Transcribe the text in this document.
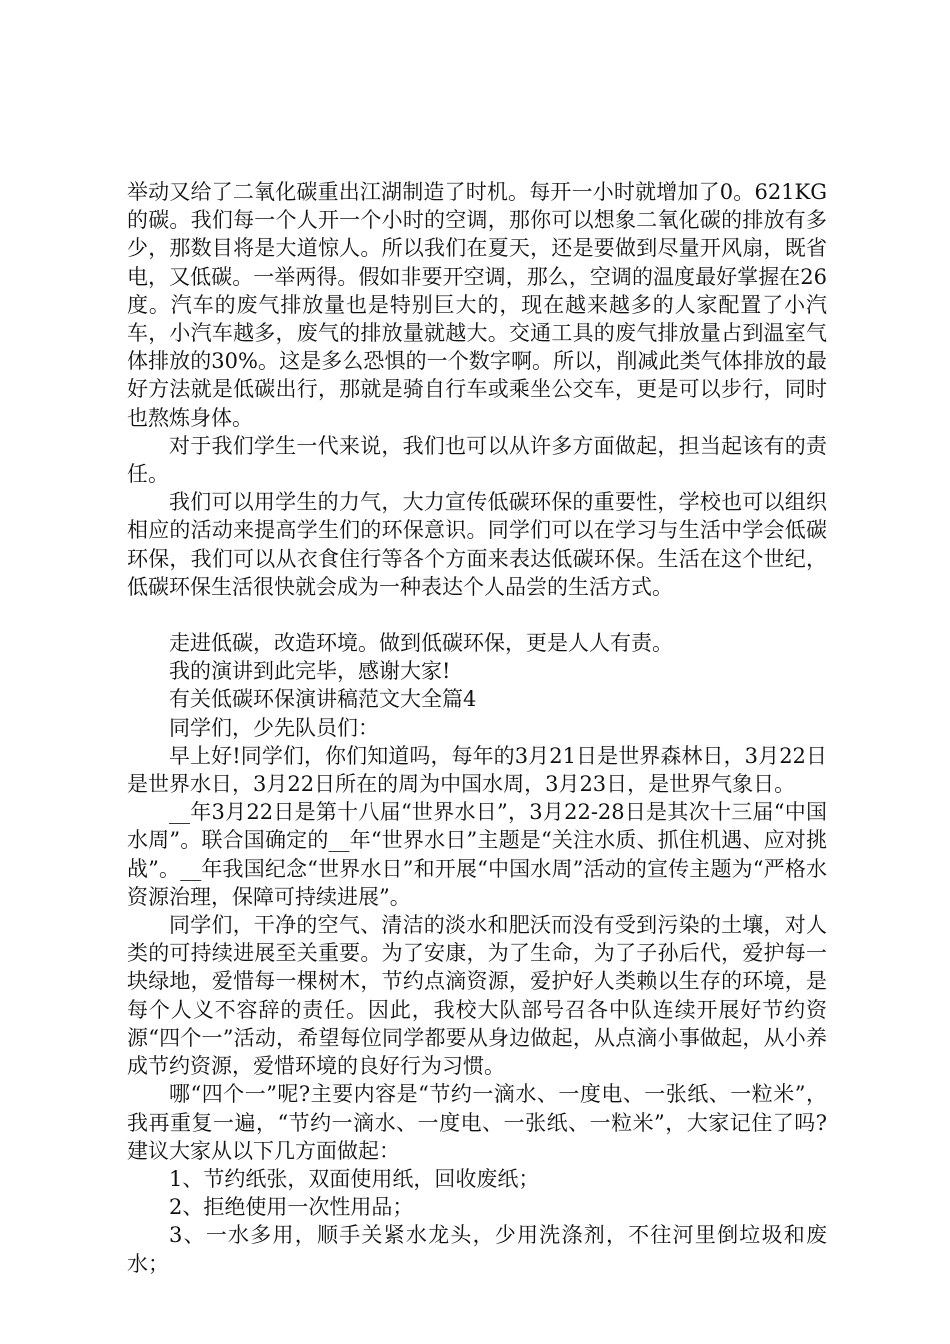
举动又给了二氧化碳重出江湖制造了时机。每开一小时就增加了0。621KG的碳。我们每一个人开一个小时的空调，那你可以想象二氧化碳的排放有多少，那数目将是大道惊人。所以我们在夏天，还是要做到尽量开风扇，既省电，又低碳。一举两得。假如非要开空调，那么，空调的温度最好掌握在26度。汽车的废气排放量也是特别巨大的，现在越来越多的人家配置了小汽车，小汽车越多，废气的排放量就越大。交通工具的废气排放量占到温室气体排放的30%。这是多么恐惧的一个数字啊。所以，削减此类气体排放的最好方法就是低碳出行，那就是骑自行车或乘坐公交车，更是可以步行，同时也熬炼身体。

对于我们学生一代来说，我们也可以从许多方面做起，担当起该有的责任。

我们可以用学生的力气，大力宣传低碳环保的重要性，学校也可以组织相应的活动来提高学生们的环保意识。同学们可以在学习与生活中学会低碳环保，我们可以从衣食住行等各个方面来表达低碳环保。生活在这个世纪，低碳环保生活很快就会成为一种表达个人品尝的生活方式。

走进低碳，改造环境。做到低碳环保，更是人人有责。

我的演讲到此完毕，感谢大家!

有关低碳环保演讲稿范文大全篇4

同学们，少先队员们：

早上好!同学们，你们知道吗，每年的3月21日是世界森林日，3月22日是世界水日，3月22日所在的周为中国水周，3月23日，是世界气象日。

__年3月22日是第十八届“世界水日”，3月22-28日是其次十三届“中国水周”。联合国确定的__年“世界水日”主题是“关注水质、抓住机遇、应对挑战”。__年我国纪念“世界水日”和开展“中国水周”活动的宣传主题为“严格水资源治理，保障可持续进展”。

同学们，干净的空气、清洁的淡水和肥沃而没有受到污染的土壤，对人类的可持续进展至关重要。为了安康，为了生命，为了子孙后代，爱护每一块绿地，爱惜每一棵树木，节约点滴资源，爱护好人类赖以生存的环境，是每个人义不容辞的责任。因此，我校大队部号召各中队连续开展好节约资源“四个一”活动，希望每位同学都要从身边做起，从点滴小事做起，从小养成节约资源，爱惜环境的良好行为习惯。

哪“四个一”呢?主要内容是“节约一滴水、一度电、一张纸、一粒米”，我再重复一遍，“节约一滴水、一度电、一张纸、一粒米”，大家记住了吗?建议大家从以下几方面做起：

1、节约纸张，双面使用纸，回收废纸；

2、拒绝使用一次性用品；

3、一水多用，顺手关紧水龙头，少用洗涤剂，不往河里倒垃圾和废水；
